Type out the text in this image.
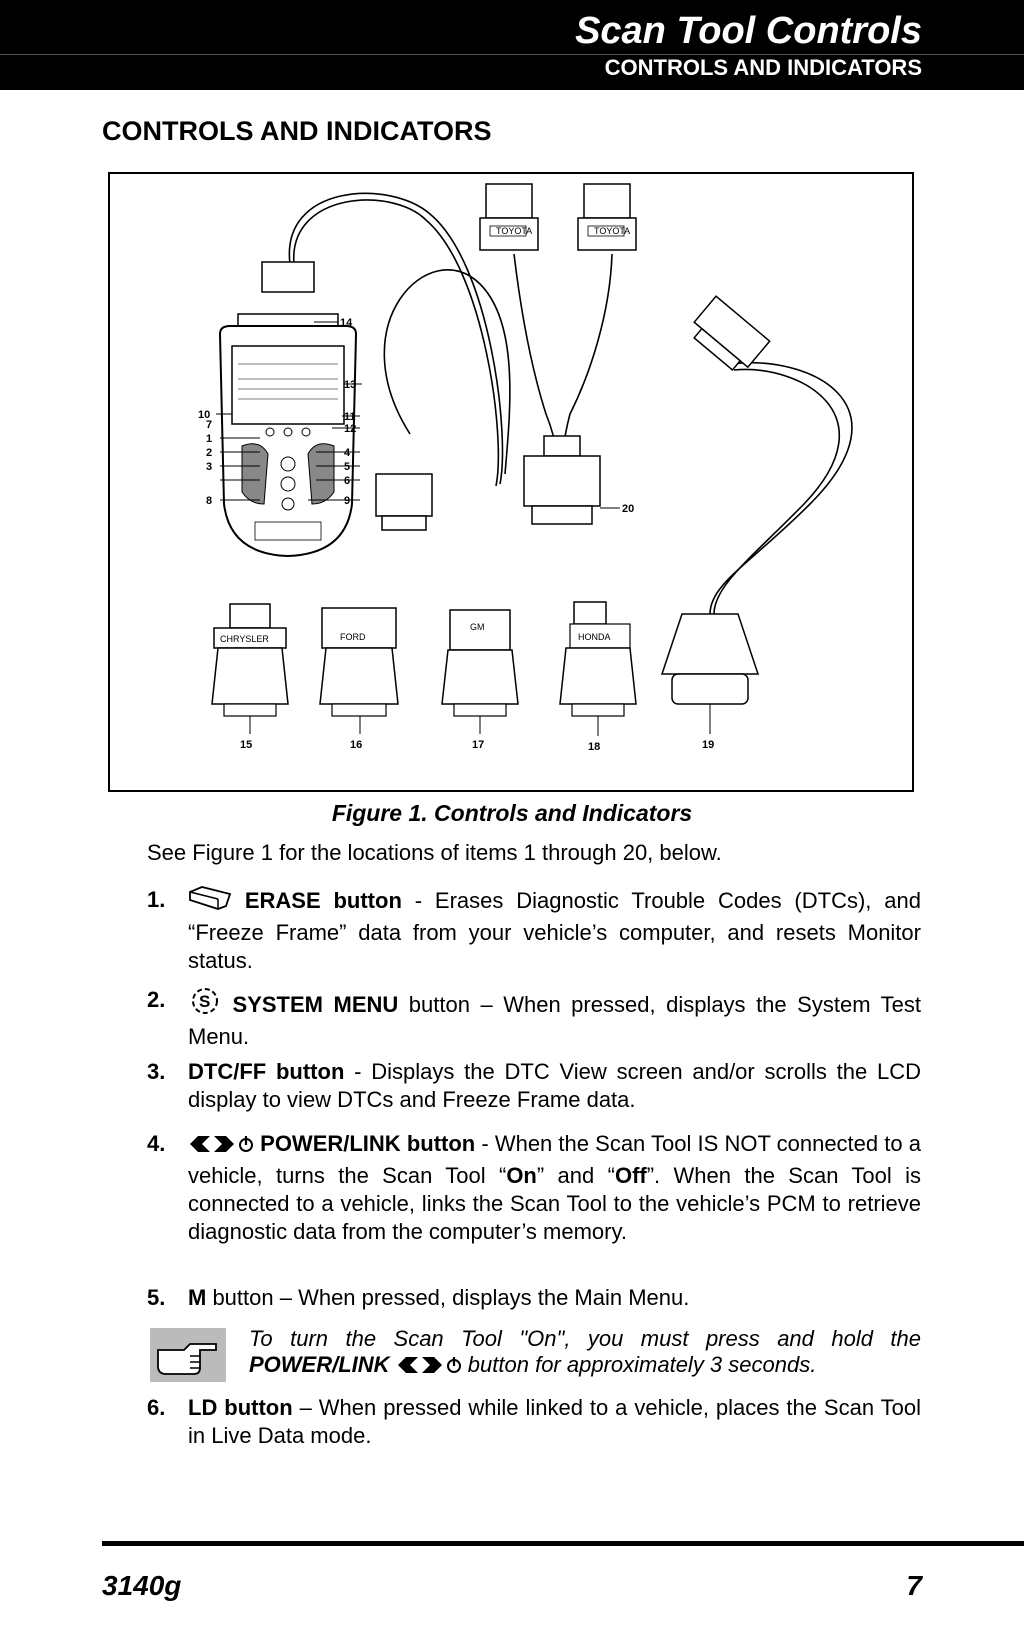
Scan Tool Controls
CONTROLS AND INDICATORS
CONTROLS AND INDICATORS
TOYOTA	TOYOTA
CHRYSLER	FORD
GM
HONDA
1
2
3
4
5
6
7
8	9
10	11
12
13
14
15	16	17	18	19
20
Figure 1. Controls and Indicators
See Figure 1 for the locations of items 1 through 20, below.
1.	ERASE button - Erases Diagnostic Trouble Codes (DTCs), and “Freeze Frame” data from your vehicle’s computer, and resets Monitor status.
2. S SYSTEM MENU button – When pressed, displays the System Test Menu.
3. DTC/FF button - Displays the DTC View screen and/or scrolls the LCD display to view DTCs and Freeze Frame data.
4.	POWER/LINK button - When the Scan Tool IS NOT connected to a vehicle, turns the Scan Tool “On” and “Off”. When the Scan Tool is connected to a vehicle, links the Scan Tool to the vehicle’s PCM to retrieve diagnostic data from the computer’s memory.
5. M button – When pressed, displays the Main Menu.
To turn the Scan Tool "On", you must press and hold the POWER/LINK	button for approximately 3 seconds.
6. LD button – When pressed while linked to a vehicle, places the Scan Tool in Live Data mode.
3140g	7
